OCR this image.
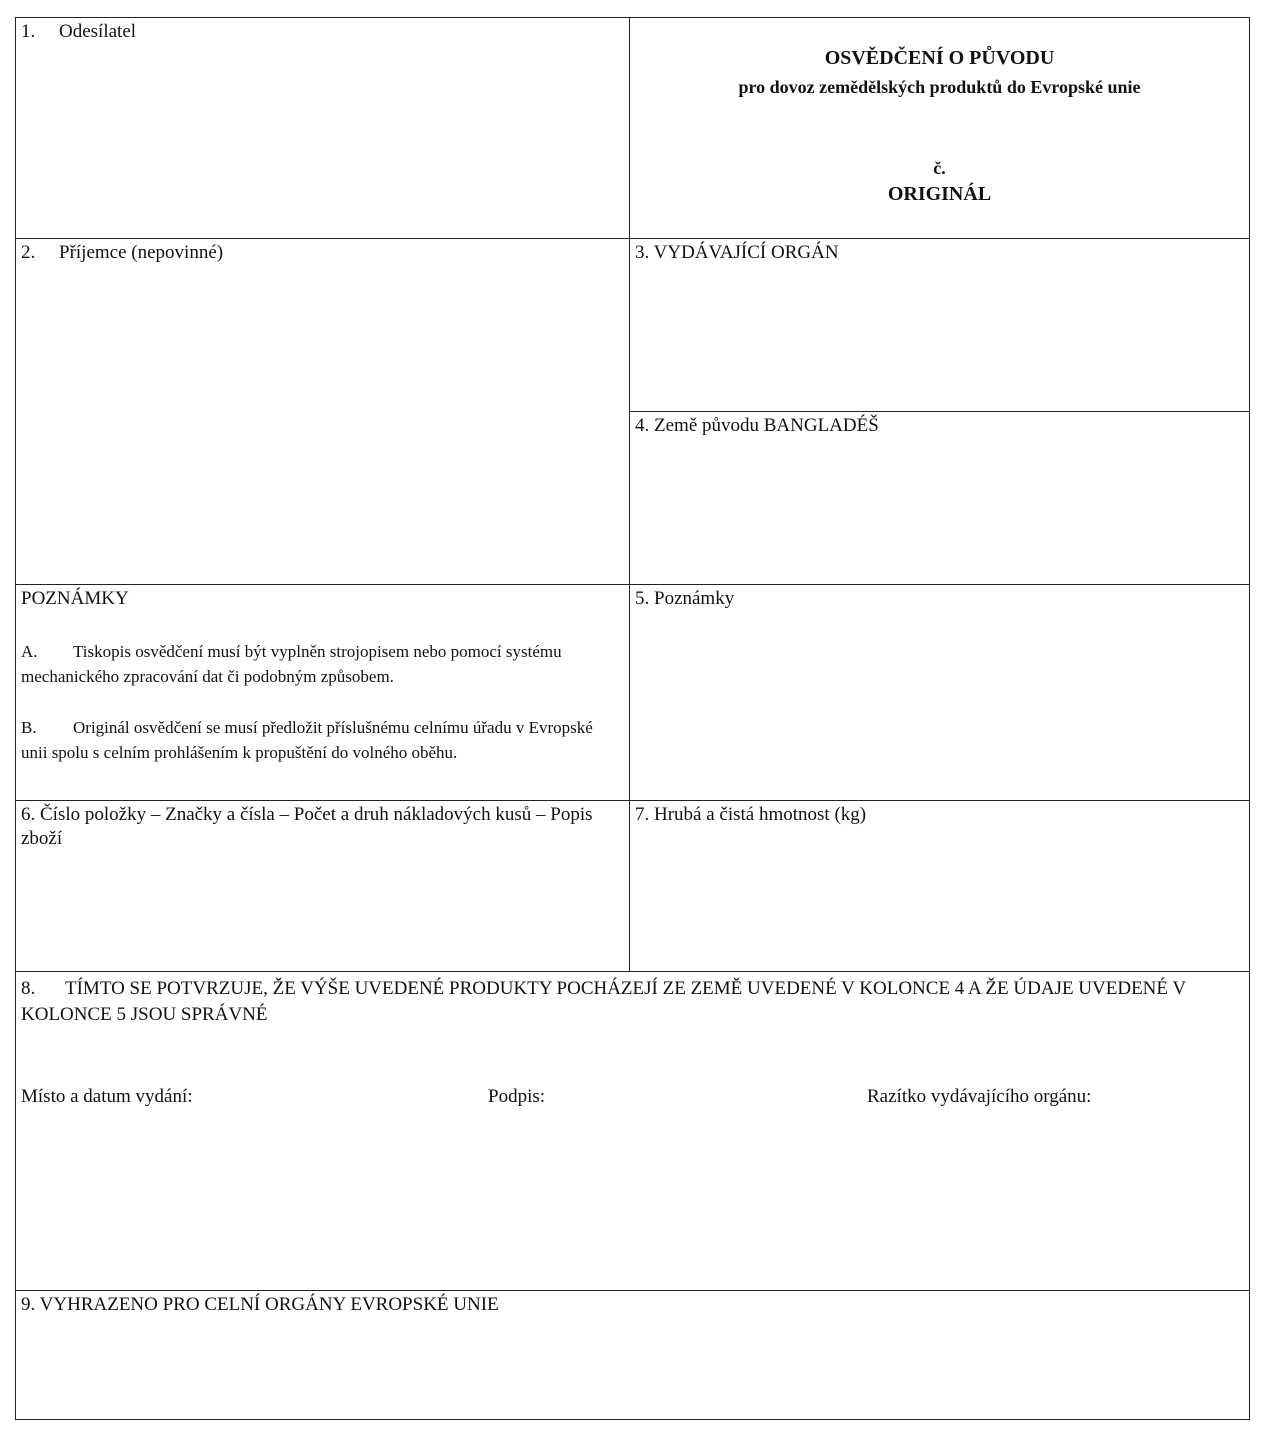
1. Odesílatel
OSVĚDČENÍ O PŮVODU
pro dovoz zemědělských produktů do Evropské unie
č.
ORIGINÁL
2. Příjemce (nepovinné)	3. VYDÁVAJÍCÍ ORGÁN
4. Země původu BANGLADÉŠ
POZNÁMKY
A. Tiskopis osvědčení musí být vyplněn strojopisem nebo pomocí systému mechanického zpracování dat či podobným způsobem.
B. Originál osvědčení se musí předložit příslušnému celnímu úřadu v Evropské unii spolu s celním prohlášením k propuštění do volného oběhu.
5. Poznámky
6. Číslo položky – Značky a čísla – Počet a druh nákladových kusů – Popis zboží
7. Hrubá a čistá hmotnost (kg)
8. TÍMTO SE POTVRZUJE, ŽE VÝŠE UVEDENÉ PRODUKTY POCHÁZEJÍ ZE ZEMĚ UVEDENÉ V KOLONCE 4 A ŽE ÚDAJE UVEDENÉ V KOLONCE 5 JSOU SPRÁVNÉ
Místo a datum vydání:	Podpis:	Razítko vydávajícího orgánu:
9. VYHRAZENO PRO CELNÍ ORGÁNY EVROPSKÉ UNIE
